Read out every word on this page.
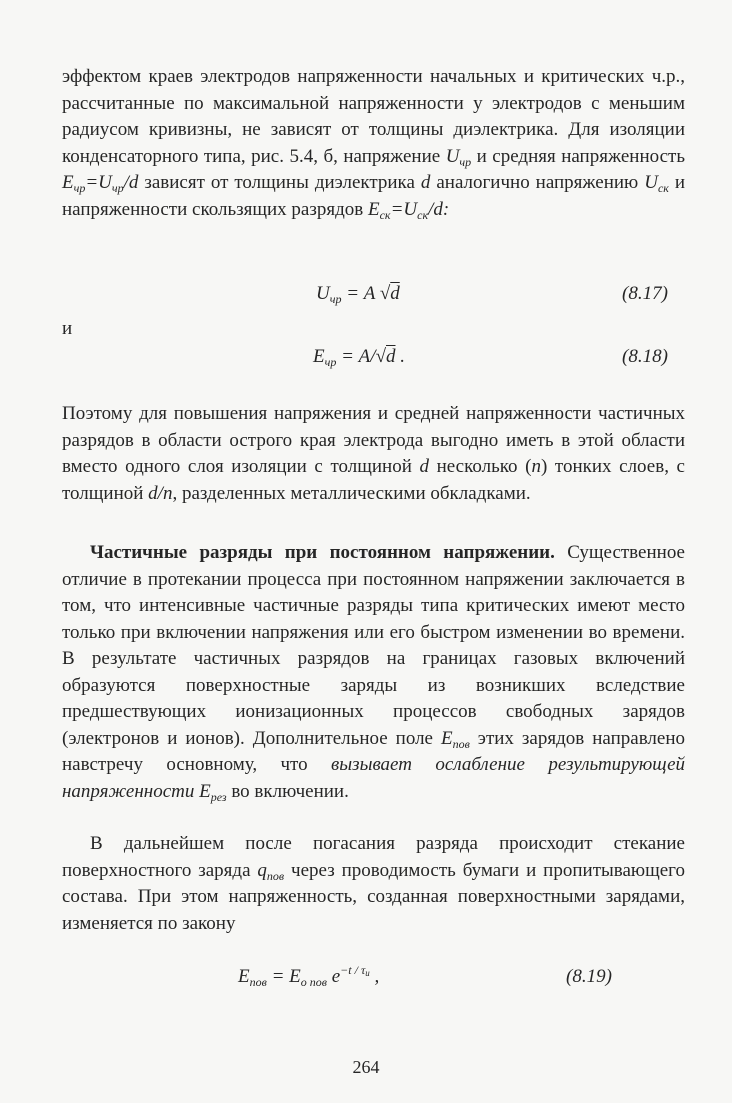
эффектом краев электродов напряженности начальных и критических ч.р., рассчитанные по максимальной напряженности у электродов с меньшим радиусом кривизны, не зависят от толщины диэлектрика. Для изоляции конденсаторного типа, рис. 5.4, б, напряжение $U_{чр}$ и средняя напряженность $E_{чр}=U_{чр}/d$ зависят от толщины диэлектрика d аналогично напряжению $U_{ск}$ и напряженности скользящих разрядов $E_{ск}=U_{ск}/d$:
$U_{чр} = A$ √d	(8.17)
и
$E_{чр} = A/√d$ .	(8.18)
Поэтому для повышения напряжения и средней напряженности частичных разрядов в области острого края электрода выгодно иметь в этой области вместо одного слоя изоляции с толщиной d несколько (n) тонких слоев, с толщиной d/n, разделенных металлическими обкладками.
Частичные разряды при постоянном напряжении. Существенное отличие в протекании процесса при постоянном напряжении заключается в том, что интенсивные частичные разряды типа критических имеют место только при включении напряжения или его быстром изменении во времени. В результате частичных разрядов на границах газовых включений образуются поверхностные заряды из возникших вследствие предшествующих ионизационных процессов свободных зарядов (электронов и ионов). Дополнительное поле $E_{пов}$ этих зарядов направлено навстречу основному, что вызывает ослабление результирующей напряженности $E_{рез}$ во включении.
В дальнейшем после погасания разряда происходит стекание поверхностного заряда $q_{пов}$ через проводимость бумаги и пропитывающего состава. При этом напряженность, созданная поверхностными зарядами, изменяется по закону
$E_{пов} = E_{о пов}$ $e^{-t / \tau_и}$ ,	(8.19)
264
